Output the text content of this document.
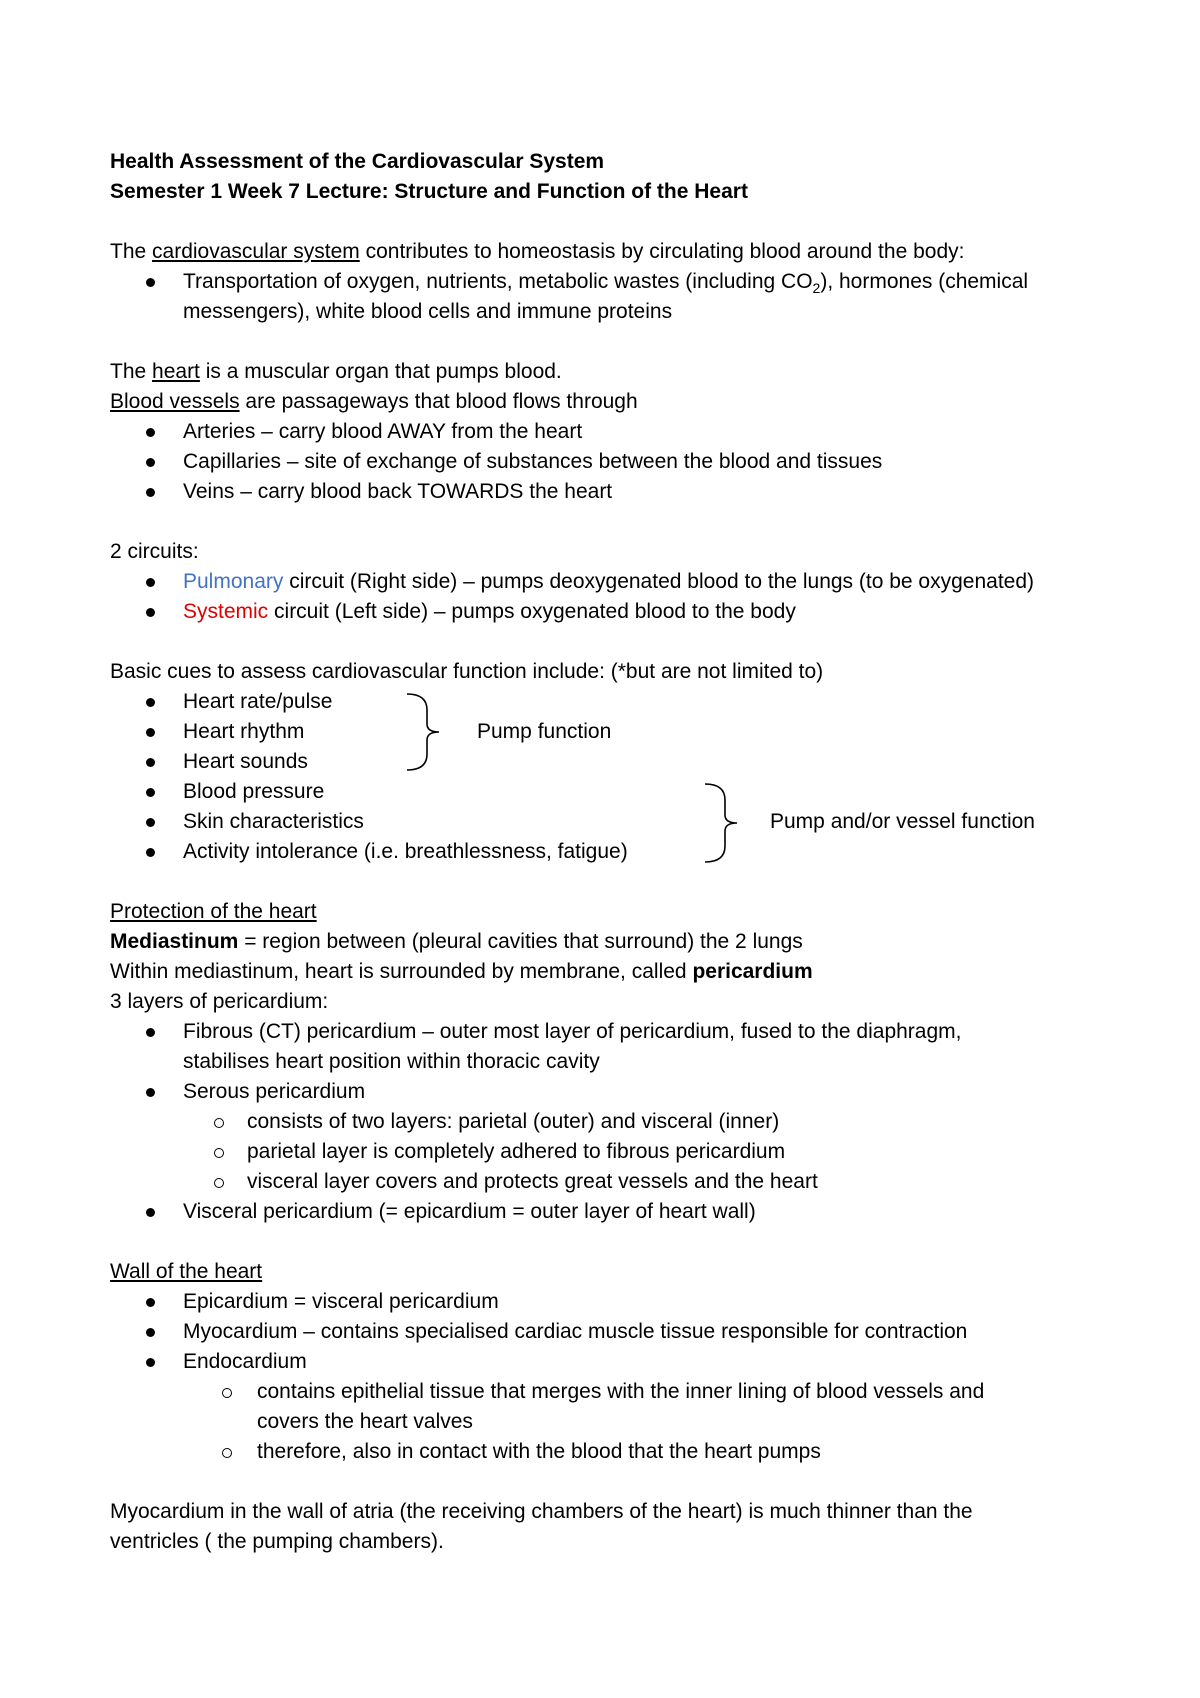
Health Assessment of the Cardiovascular System
Semester 1 Week 7 Lecture: Structure and Function of the Heart
The cardiovascular system contributes to homeostasis by circulating blood around the body:
Transportation of oxygen, nutrients, metabolic wastes (including $CO_2$), hormones (chemical
messengers), white blood cells and immune proteins
The heart is a muscular organ that pumps blood.
Blood vessels are passageways that blood flows through
Arteries – carry blood AWAY from the heart
Capillaries – site of exchange of substances between the blood and tissues
Veins – carry blood back TOWARDS the heart
2 circuits:
Pulmonary circuit (Right side) – pumps deoxygenated blood to the lungs (to be oxygenated)
Systemic circuit (Left side) – pumps oxygenated blood to the body
Basic cues to assess cardiovascular function include: (*but are not limited to)
Heart rate/pulse
Heart rhythm
Heart sounds
Blood pressure
Skin characteristics
Activity intolerance (i.e. breathlessness, fatigue)
Pump function
Pump and/or vessel function
Protection of the heart
Mediastinum = region between (pleural cavities that surround) the 2 lungs
Within mediastinum, heart is surrounded by membrane, called pericardium
3 layers of pericardium:
Fibrous (CT) pericardium – outer most layer of pericardium, fused to the diaphragm,
stabilises heart position within thoracic cavity
Serous pericardium
consists of two layers: parietal (outer) and visceral (inner)
parietal layer is completely adhered to fibrous pericardium
visceral layer covers and protects great vessels and the heart
Visceral pericardium (= epicardium = outer layer of heart wall)
Wall of the heart
Epicardium = visceral pericardium
Myocardium – contains specialised cardiac muscle tissue responsible for contraction
Endocardium
contains epithelial tissue that merges with the inner lining of blood vessels and
covers the heart valves
therefore, also in contact with the blood that the heart pumps
Myocardium in the wall of atria (the receiving chambers of the heart) is much thinner than the
ventricles ( the pumping chambers).
